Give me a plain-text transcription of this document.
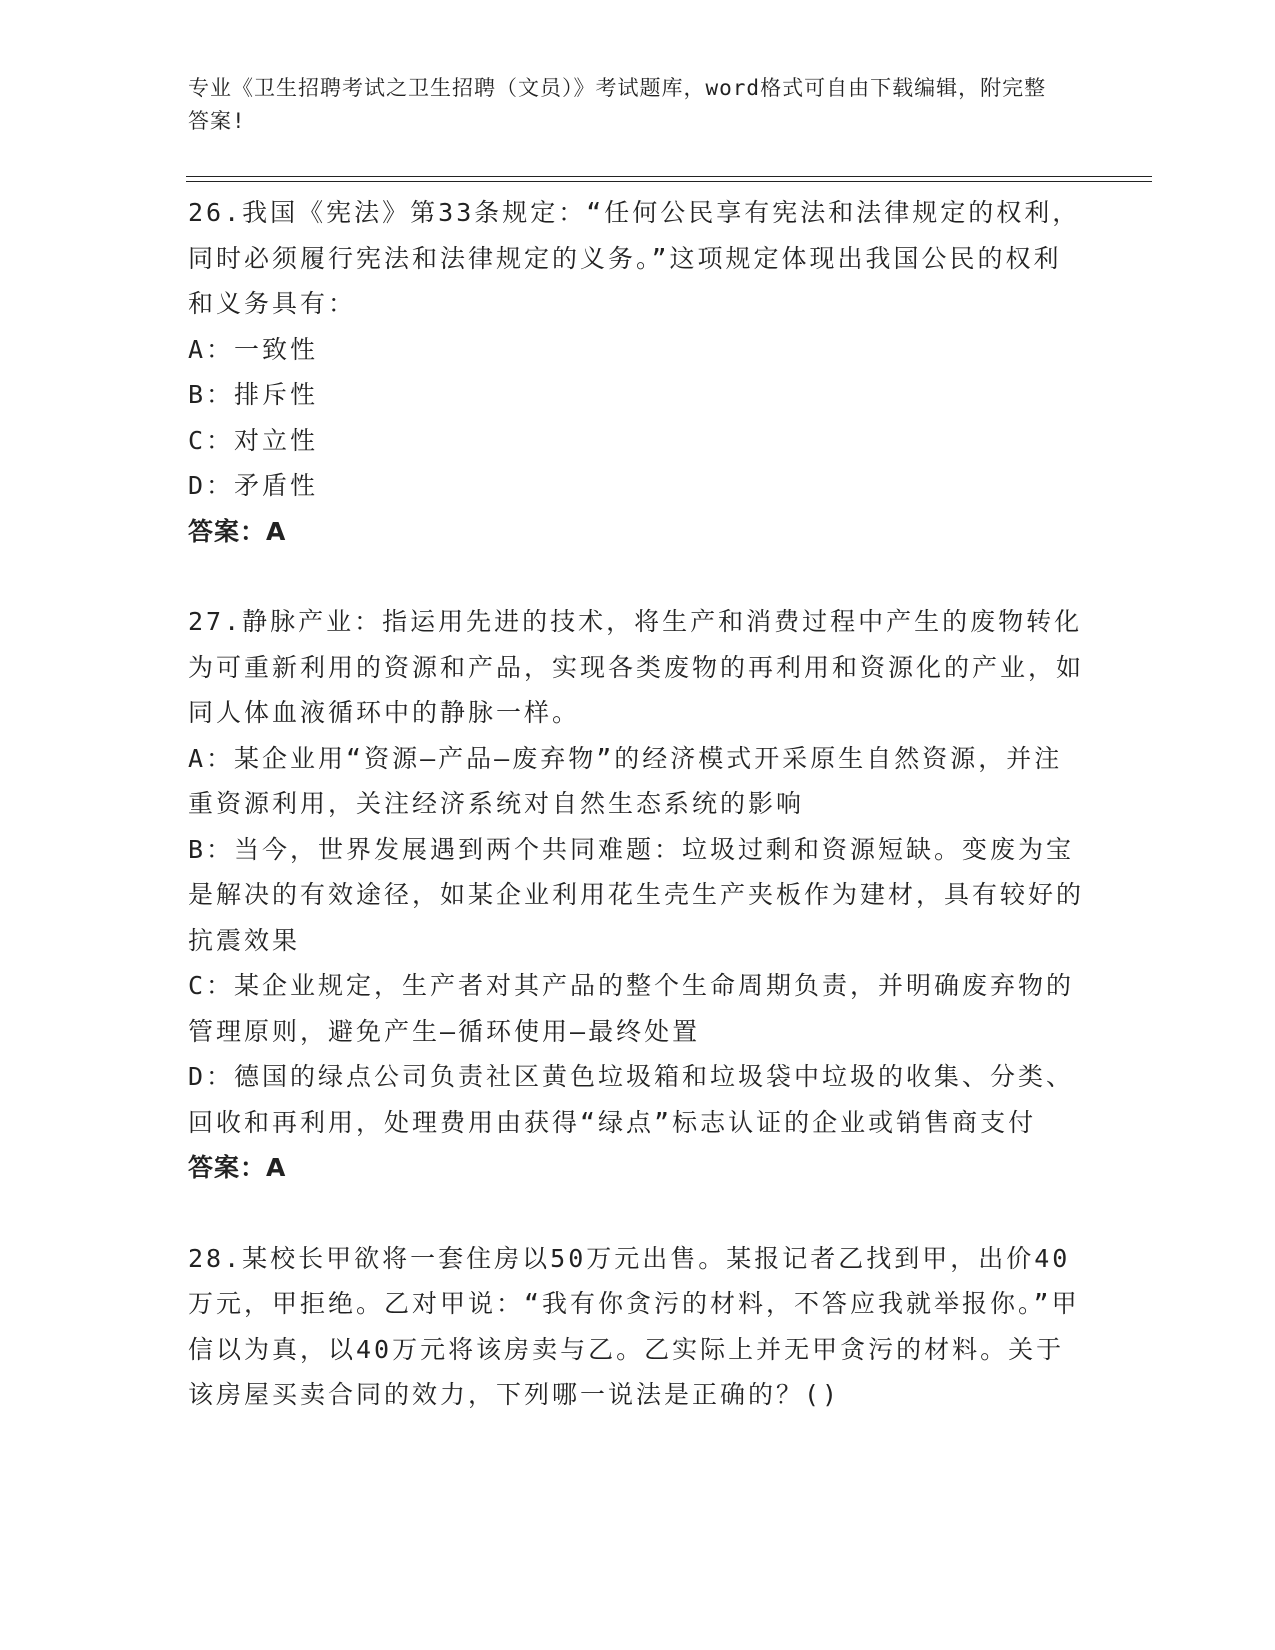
专业《卫生招聘考试之卫生招聘（文员）》考试题库，word格式可自由下载编辑，附完整答案!

26.我国《宪法》第33条规定：“任何公民享有宪法和法律规定的权利，同时必须履行宪法和法律规定的义务。”这项规定体现出我国公民的权利和义务具有：

A：一致性

B：排斥性

C：对立性

D：矛盾性

答案：A

27.静脉产业：指运用先进的技术，将生产和消费过程中产生的废物转化为可重新利用的资源和产品，实现各类废物的再利用和资源化的产业，如同人体血液循环中的静脉一样。

A：某企业用“资源—产品—废弃物”的经济模式开采原生自然资源，并注重资源利用，关注经济系统对自然生态系统的影响

B：当今，世界发展遇到两个共同难题：垃圾过剩和资源短缺。变废为宝是解决的有效途径，如某企业利用花生壳生产夹板作为建材，具有较好的抗震效果

C：某企业规定，生产者对其产品的整个生命周期负责，并明确废弃物的管理原则，避免产生—循环使用—最终处置

D：德国的绿点公司负责社区黄色垃圾箱和垃圾袋中垃圾的收集、分类、回收和再利用，处理费用由获得“绿点”标志认证的企业或销售商支付

答案：A

28.某校长甲欲将一套住房以50万元出售。某报记者乙找到甲，出价40万元，甲拒绝。乙对甲说：“我有你贪污的材料，不答应我就举报你。”甲信以为真，以40万元将该房卖与乙。乙实际上并无甲贪污的材料。关于该房屋买卖合同的效力，下列哪一说法是正确的？()
